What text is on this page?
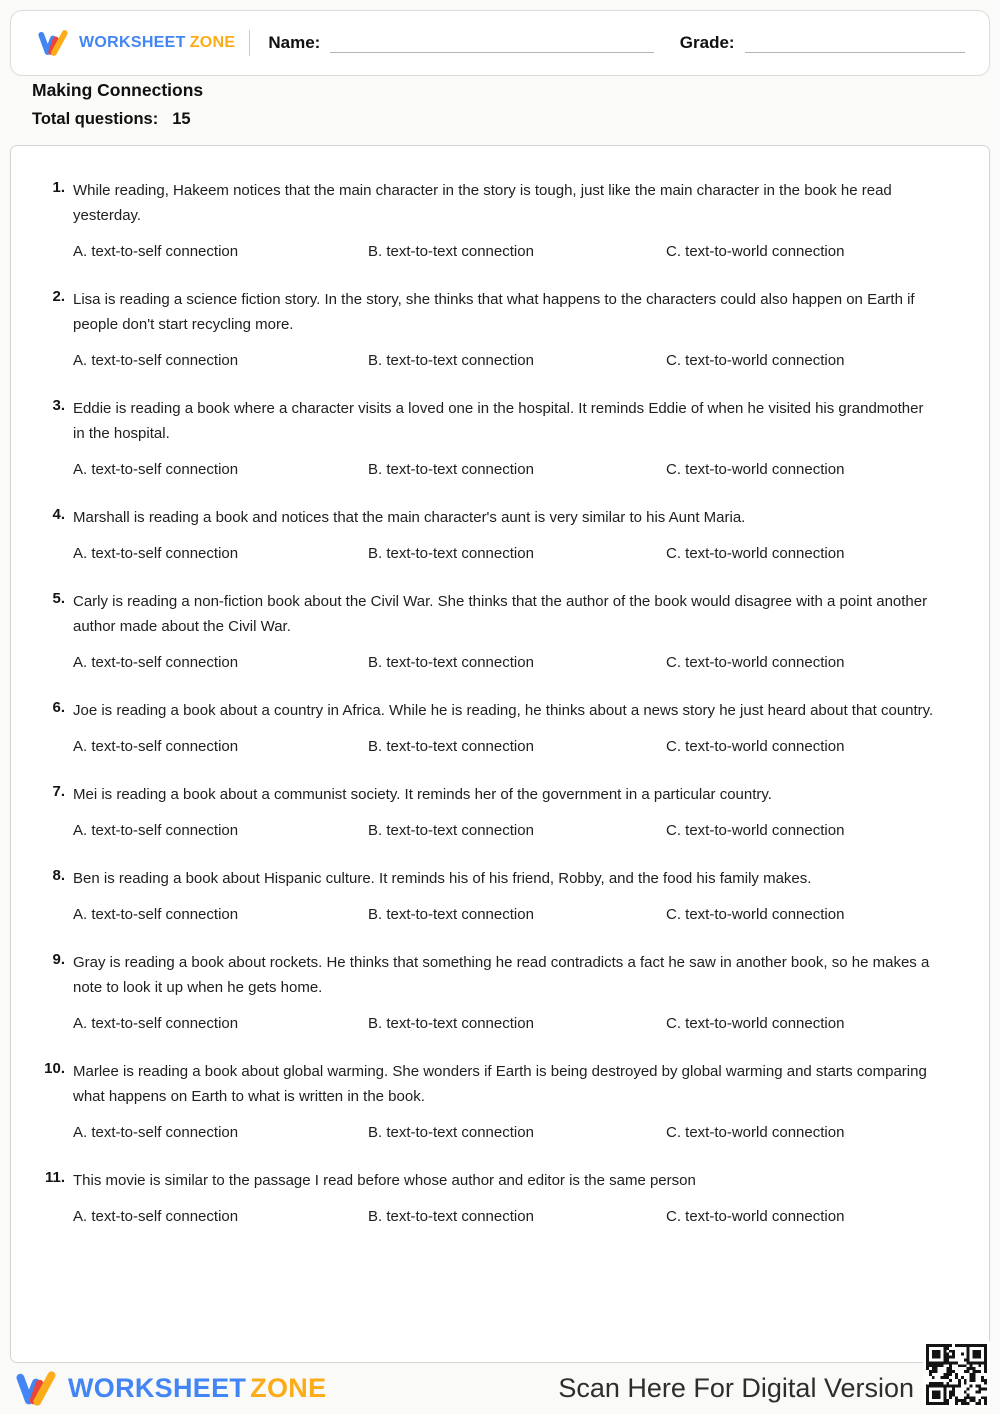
WORKSHEET ZONE Name:	Grade:
Making Connections
Total questions: 15
1. While reading, Hakeem notices that the main character in the story is tough, just like the main character in the book he read yesterday.

A. text-to-self connection	B. text-to-text connection	C. text-to-world connection
2. Lisa is reading a science fiction story. In the story, she thinks that what happens to the characters could also happen on Earth if people don't start recycling more.

A. text-to-self connection	B. text-to-text connection	C. text-to-world connection
3. Eddie is reading a book where a character visits a loved one in the hospital. It reminds Eddie of when he visited his grandmother in the hospital.

A. text-to-self connection	B. text-to-text connection	C. text-to-world connection
4. Marshall is reading a book and notices that the main character's aunt is very similar to his Aunt Maria.

A. text-to-self connection	B. text-to-text connection	C. text-to-world connection
5. Carly is reading a non-fiction book about the Civil War. She thinks that the author of the book would disagree with a point another author made about the Civil War.

A. text-to-self connection	B. text-to-text connection	C. text-to-world connection
6. Joe is reading a book about a country in Africa. While he is reading, he thinks about a news story he just heard about that country.

A. text-to-self connection	B. text-to-text connection	C. text-to-world connection
7. Mei is reading a book about a communist society. It reminds her of the government in a particular country.

A. text-to-self connection	B. text-to-text connection	C. text-to-world connection
8. Ben is reading a book about Hispanic culture. It reminds his of his friend, Robby, and the food his family makes.

A. text-to-self connection	B. text-to-text connection	C. text-to-world connection
9. Gray is reading a book about rockets. He thinks that something he read contradicts a fact he saw in another book, so he makes a note to look it up when he gets home.

A. text-to-self connection	B. text-to-text connection	C. text-to-world connection
10. Marlee is reading a book about global warming. She wonders if Earth is being destroyed by global warming and starts comparing what happens on Earth to what is written in the book.

A. text-to-self connection	B. text-to-text connection	C. text-to-world connection
11. This movie is similar to the passage I read before whose author and editor is the same person

A. text-to-self connection	B. text-to-text connection	C. text-to-world connection
WORKSHEET ZONE	Scan Here For Digital Version
